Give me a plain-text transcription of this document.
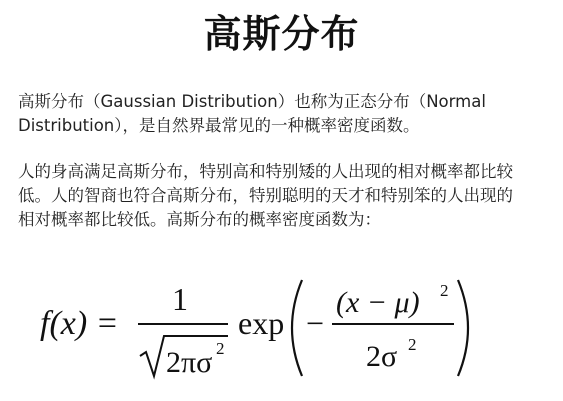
高斯分布

高斯分布（Gaussian Distribution）也称为正态分布（Normal Distribution），是自然界最常见的一种概率密度函数。

人的身高满足高斯分布，特别高和特别矮的人出现的相对概率都比较低。人的智商也符合高斯分布，特别聪明的天才和特别笨的人出现的相对概率都比较低。高斯分布的概率密度函数为：

f(x) =
1
2πσ 2
exp −
(x − μ) 2
2σ 2
